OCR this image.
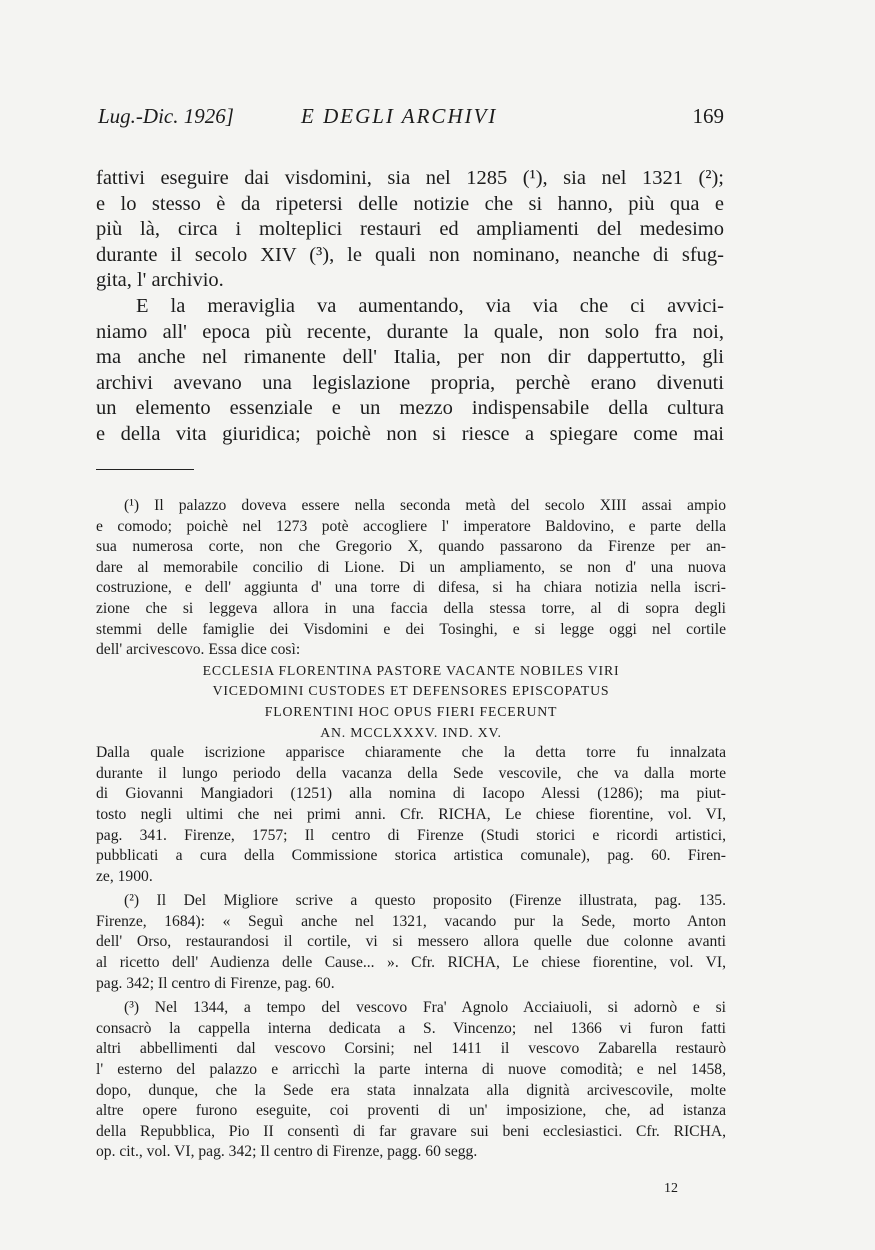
Lug.-Dic. 1926]	E DEGLI ARCHIVI	169
fattivi eseguire dai visdomini, sia nel 1285 (¹), sia nel 1321 (²);
e lo stesso è da ripetersi delle notizie che si hanno, più qua e
più là, circa i molteplici restauri ed ampliamenti del medesimo
durante il secolo XIV (³), le quali non nominano, neanche di sfug-
gita, l' archivio.
E la meraviglia va aumentando, via via che ci avvici-
niamo all' epoca più recente, durante la quale, non solo fra noi,
ma anche nel rimanente dell' Italia, per non dir dappertutto, gli
archivi avevano una legislazione propria, perchè erano divenuti
un elemento essenziale e un mezzo indispensabile della cultura
e della vita giuridica; poichè non si riesce a spiegare come mai
(¹) Il palazzo doveva essere nella seconda metà del secolo XIII assai ampio
e comodo; poichè nel 1273 potè accogliere l' imperatore Baldovino, e parte della
sua numerosa corte, non che Gregorio X, quando passarono da Firenze per an-
dare al memorabile concilio di Lione. Di un ampliamento, se non d' una nuova
costruzione, e dell' aggiunta d' una torre di difesa, si ha chiara notizia nella iscri-
zione che si leggeva allora in una faccia della stessa torre, al di sopra degli
stemmi delle famiglie dei Visdomini e dei Tosinghi, e si legge oggi nel cortile
dell' arcivescovo. Essa dice così:
ECCLESIA FLORENTINA PASTORE VACANTE NOBILES VIRI
VICEDOMINI CUSTODES ET DEFENSORES EPISCOPATUS
FLORENTINI HOC OPUS FIERI FECERUNT
AN. MCCLXXXV. IND. XV.
Dalla quale iscrizione apparisce chiaramente che la detta torre fu innalzata
durante il lungo periodo della vacanza della Sede vescovile, che va dalla morte
di Giovanni Mangiadori (1251) alla nomina di Iacopo Alessi (1286); ma piut-
tosto negli ultimi che nei primi anni. Cfr. RICHA, Le chiese fiorentine, vol. VI,
pag. 341. Firenze, 1757; Il centro di Firenze (Studi storici e ricordi artistici,
pubblicati a cura della Commissione storica artistica comunale), pag. 60. Firen-
ze, 1900.
(²) Il Del Migliore scrive a questo proposito (Firenze illustrata, pag. 135.
Firenze, 1684): « Seguì anche nel 1321, vacando pur la Sede, morto Anton
dell' Orso, restaurandosi il cortile, vi si messero allora quelle due colonne avanti
al ricetto dell' Audienza delle Cause... ». Cfr. RICHA, Le chiese fiorentine, vol. VI,
pag. 342; Il centro di Firenze, pag. 60.
(³) Nel 1344, a tempo del vescovo Fra' Agnolo Acciaiuoli, si adornò e si
consacrò la cappella interna dedicata a S. Vincenzo; nel 1366 vi furon fatti
altri abbellimenti dal vescovo Corsini; nel 1411 il vescovo Zabarella restaurò
l' esterno del palazzo e arricchì la parte interna di nuove comodità; e nel 1458,
dopo, dunque, che la Sede era stata innalzata alla dignità arcivescovile, molte
altre opere furono eseguite, coi proventi di un' imposizione, che, ad istanza
della Repubblica, Pio II consentì di far gravare sui beni ecclesiastici. Cfr. RICHA,
op. cit., vol. VI, pag. 342; Il centro di Firenze, pagg. 60 segg.
12
